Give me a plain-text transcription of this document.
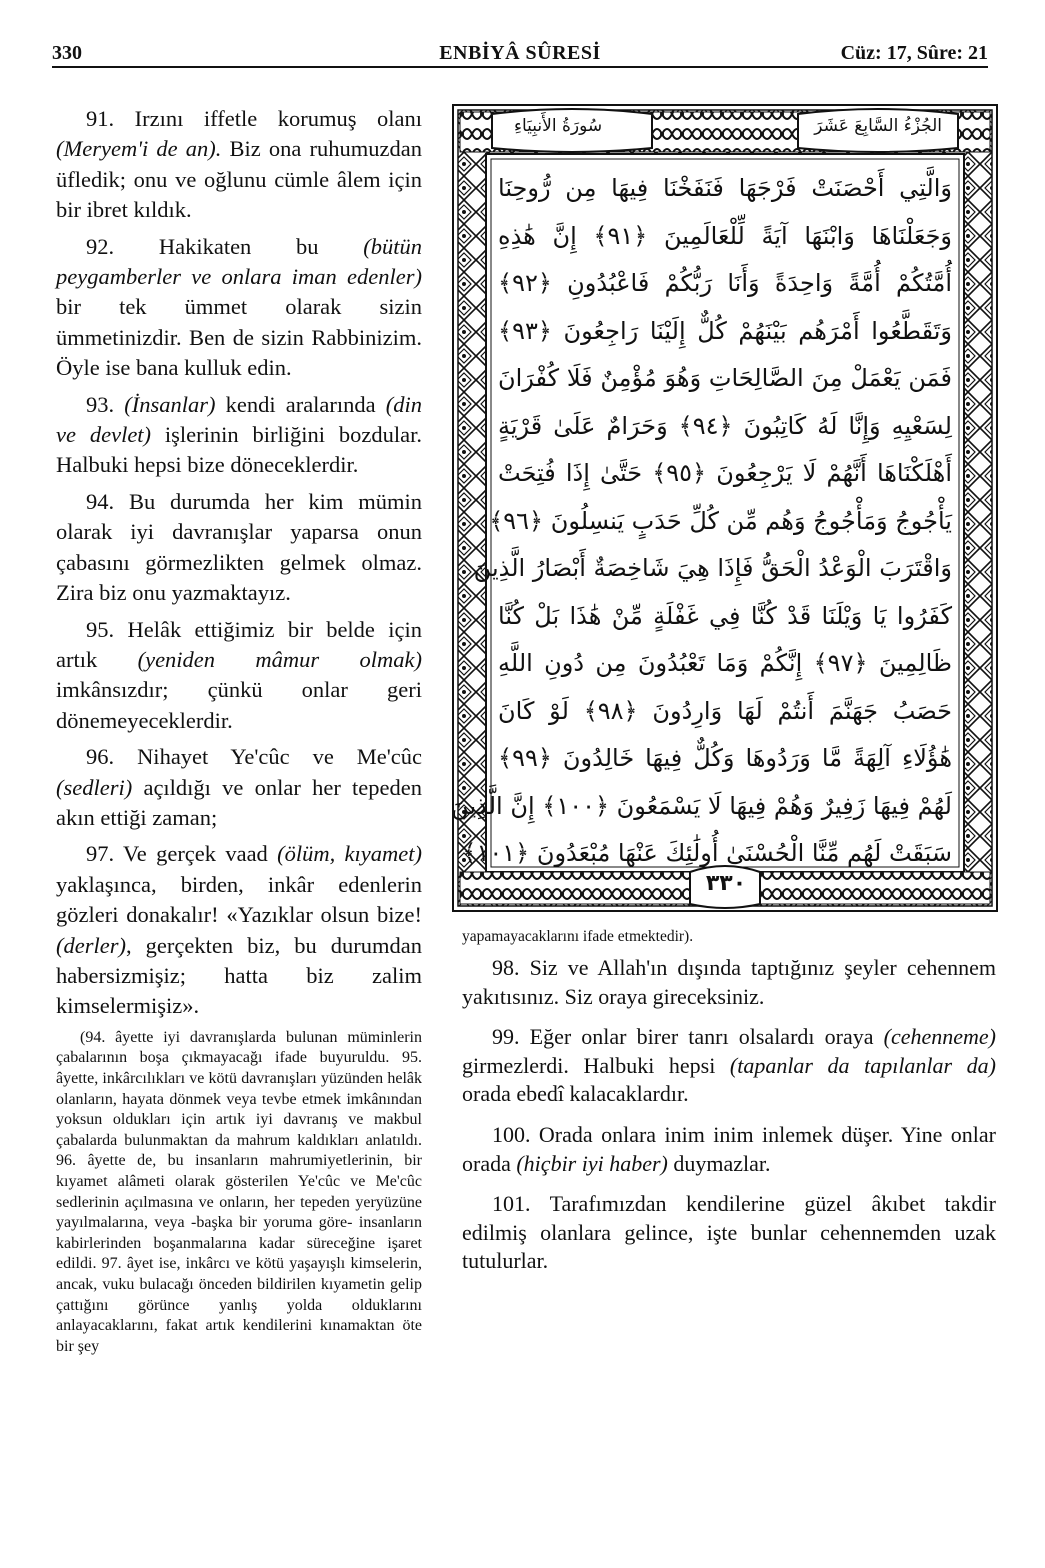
330	ENBİYÂ SÛRESİ	Cüz: 17, Sûre: 21

91. Irzını iffetle korumuş olanı (Meryem'i de an). Biz ona ruhumuzdan üfledik; onu ve oğlunu cümle âlem için bir ibret kıldık.

92. Hakikaten bu (bütün peygamberler ve onlara iman edenler) bir tek ümmet olarak sizin ümmetinizdir. Ben de sizin Rabbinizim. Öyle ise bana kulluk edin.

93. (İnsanlar) kendi aralarında (din ve devlet) işlerinin birliğini bozdular. Halbuki hepsi bize döneceklerdir.

94. Bu durumda her kim mümin olarak iyi davranışlar yaparsa onun çabasını görmezlikten gelmek olmaz. Zira biz onu yazmaktayız.

95. Helâk ettiğimiz bir belde için artık (yeniden mâmur olmak) imkânsızdır; çünkü onlar geri dönemeyeceklerdir.

96. Nihayet Ye'cûc ve Me'cûc (sedleri) açıldığı ve onlar her tepeden akın ettiği zaman;

97. Ve gerçek vaad (ölüm, kıyamet) yaklaşınca, birden, inkâr edenlerin gözleri donakalır! «Yazıklar olsun bize! (derler), gerçekten biz, bu durumdan habersizmişiz; hatta biz zalim kimselermişiz».

(94. âyette iyi davranışlarda bulunan müminlerin çabalarının boşa çıkmayacağı ifade buyuruldu. 95. âyette, inkârcılıkları ve kötü davranışları yüzünden helâk olanların, hayata dönmek veya tevbe etmek imkânından yoksun oldukları için artık iyi davranış ve makbul çabalarda bulunmaktan da mahrum kaldıkları anlatıldı. 96. âyette de, bu insanların mahrumiyetlerinin, bir kıyamet alâmeti olarak gösterilen Ye'cûc ve Me'cûc sedlerinin açılmasına ve onların, her tepeden yeryüzüne yayılmalarına, veya -başka bir yoruma göre- insanların kabirlerinden boşanmalarına kadar süreceğine işaret edildi. 97. âyet ise, inkârcı ve kötü yaşayışlı kimselerin, ancak, vuku bulacağı önceden bildirilen kıyametin gelip çattığını görünce yanlış yolda olduklarını anlayacaklarını, fakat artık kendilerini kınamaktan öte bir şey
سُورَةُ الأَنبِيَاءِ	الجُزْءُ السَّابِعَ عَشَرَ
وَالَّتِي أَحْصَنَتْ فَرْجَهَا فَنَفَخْنَا فِيهَا مِن رُّوحِنَا
وَجَعَلْنَاهَا وَابْنَهَا آيَةً لِّلْعَالَمِينَ ﴿٩١﴾ إِنَّ هَٰذِهِ
أُمَّتُكُمْ أُمَّةً وَاحِدَةً وَأَنَا رَبُّكُمْ فَاعْبُدُونِ ﴿٩٢﴾
وَتَقَطَّعُوا أَمْرَهُم بَيْنَهُمْ كُلٌّ إِلَيْنَا رَاجِعُونَ ﴿٩٣﴾
فَمَن يَعْمَلْ مِنَ الصَّالِحَاتِ وَهُوَ مُؤْمِنٌ فَلَا كُفْرَانَ
لِسَعْيِهِ وَإِنَّا لَهُ كَاتِبُونَ ﴿٩٤﴾ وَحَرَامٌ عَلَىٰ قَرْيَةٍ
أَهْلَكْنَاهَا أَنَّهُمْ لَا يَرْجِعُونَ ﴿٩٥﴾ حَتَّىٰ إِذَا فُتِحَتْ
يَأْجُوجُ وَمَأْجُوجُ وَهُم مِّن كُلِّ حَدَبٍ يَنسِلُونَ ﴿٩٦﴾
وَاقْتَرَبَ الْوَعْدُ الْحَقُّ فَإِذَا هِيَ شَاخِصَةٌ أَبْصَارُ الَّذِينَ
كَفَرُوا يَا وَيْلَنَا قَدْ كُنَّا فِي غَفْلَةٍ مِّنْ هَٰذَا بَلْ كُنَّا
ظَالِمِينَ ﴿٩٧﴾ إِنَّكُمْ وَمَا تَعْبُدُونَ مِن دُونِ اللَّهِ
حَصَبُ جَهَنَّمَ أَنتُمْ لَهَا وَارِدُونَ ﴿٩٨﴾ لَوْ كَانَ
هَٰؤُلَاءِ آلِهَةً مَّا وَرَدُوهَا وَكُلٌّ فِيهَا خَالِدُونَ ﴿٩٩﴾
لَهُمْ فِيهَا زَفِيرٌ وَهُمْ فِيهَا لَا يَسْمَعُونَ ﴿١٠٠﴾ إِنَّ الَّذِينَ
سَبَقَتْ لَهُم مِّنَّا الْحُسْنَىٰ أُولَٰئِكَ عَنْهَا مُبْعَدُونَ ﴿١٠١﴾
٣٣٠
yapamayacaklarını ifade etmektedir).

98. Siz ve Allah'ın dışında taptığınız şeyler cehennem yakıtısınız. Siz oraya gireceksiniz.

99. Eğer onlar birer tanrı olsalardı oraya (cehenneme) girmezlerdi. Halbuki hepsi (tapanlar da tapılanlar da) orada ebedî kalacaklardır.

100. Orada onlara inim inim inlemek düşer. Yine onlar orada (hiçbir iyi haber) duymazlar.

101. Tarafımızdan kendilerine güzel âkıbet takdir edilmiş olanlara gelince, işte bunlar cehennemden uzak tutulurlar.
